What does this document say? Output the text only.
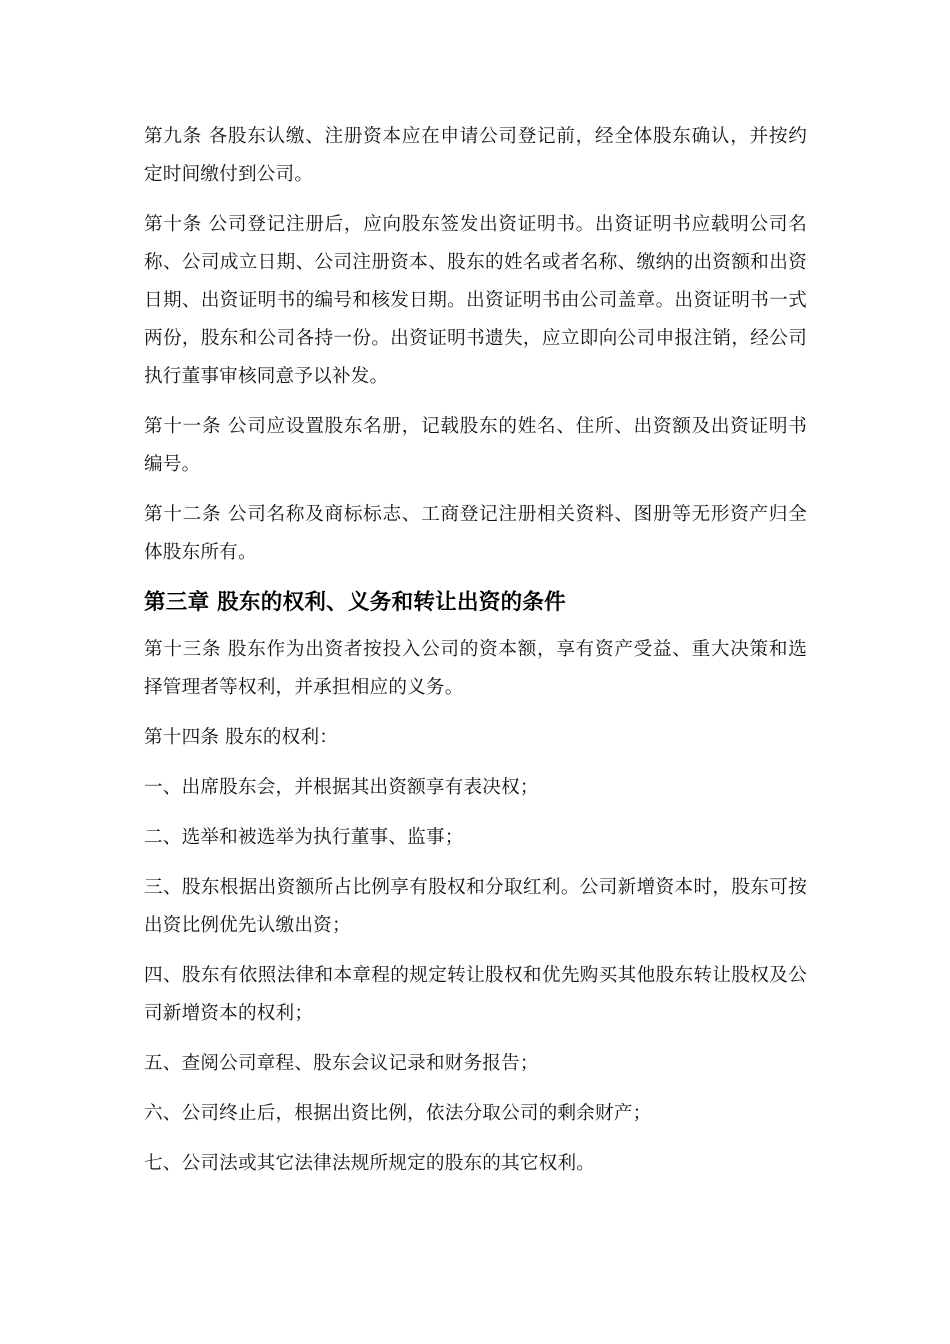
第九条 各股东认缴、注册资本应在申请公司登记前，经全体股东确认，并按约定时间缴付到公司。

第十条 公司登记注册后，应向股东签发出资证明书。出资证明书应载明公司名称、公司成立日期、公司注册资本、股东的姓名或者名称、缴纳的出资额和出资日期、出资证明书的编号和核发日期。出资证明书由公司盖章。出资证明书一式两份，股东和公司各持一份。出资证明书遗失，应立即向公司申报注销，经公司执行董事审核同意予以补发。

第十一条 公司应设置股东名册，记载股东的姓名、住所、出资额及出资证明书编号。

第十二条 公司名称及商标标志、工商登记注册相关资料、图册等无形资产归全体股东所有。

第三章 股东的权利、义务和转让出资的条件

第十三条 股东作为出资者按投入公司的资本额，享有资产受益、重大决策和选择管理者等权利，并承担相应的义务。

第十四条 股东的权利：

一、出席股东会，并根据其出资额享有表决权；

二、选举和被选举为执行董事、监事；

三、股东根据出资额所占比例享有股权和分取红利。公司新增资本时，股东可按出资比例优先认缴出资；

四、股东有依照法律和本章程的规定转让股权和优先购买其他股东转让股权及公司新增资本的权利；

五、查阅公司章程、股东会议记录和财务报告；

六、公司终止后，根据出资比例，依法分取公司的剩余财产；

七、公司法或其它法律法规所规定的股东的其它权利。
